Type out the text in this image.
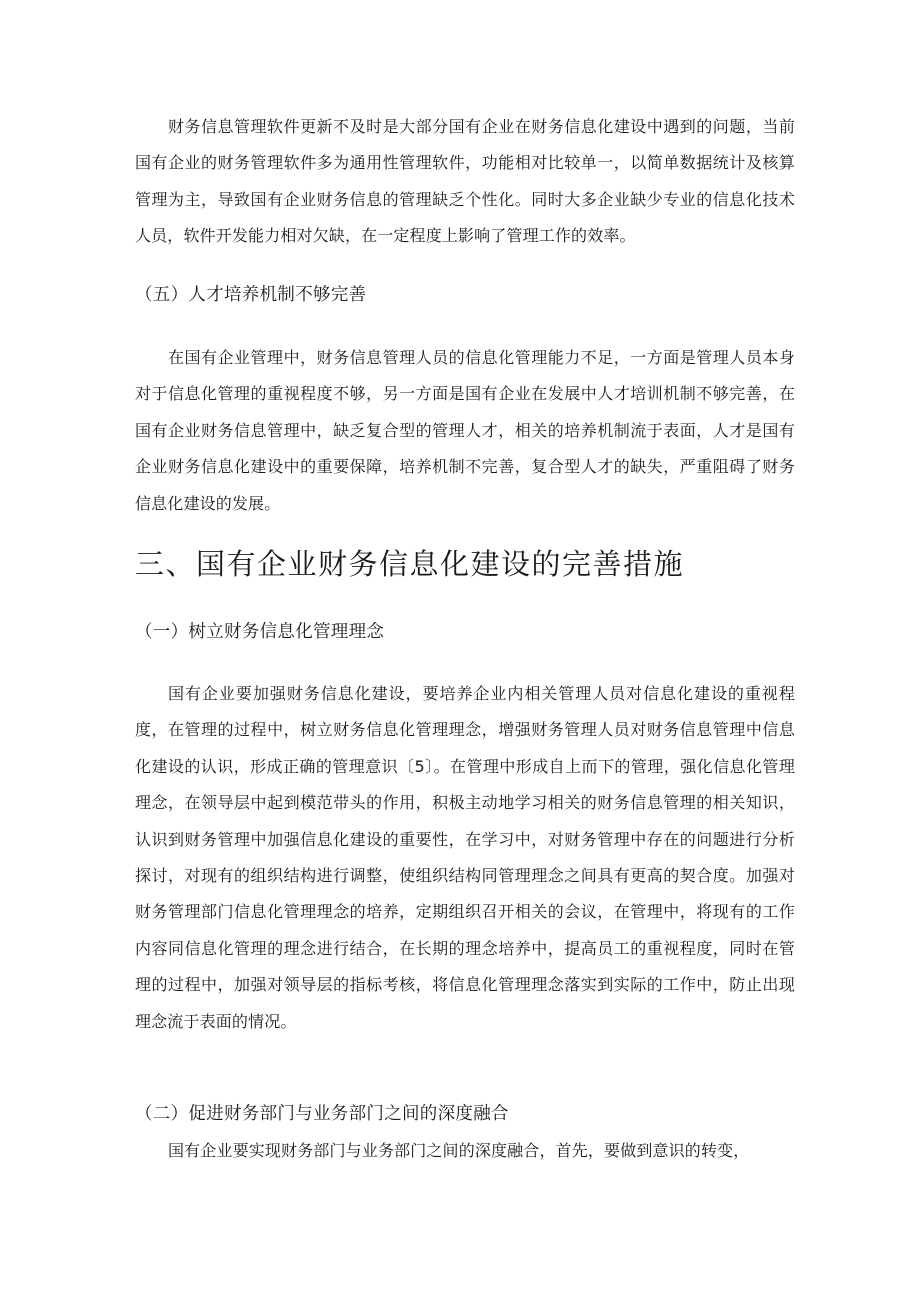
财务信息管理软件更新不及时是大部分国有企业在财务信息化建设中遇到的问题，当前国有企业的财务管理软件多为通用性管理软件，功能相对比较单一，以简单数据统计及核算管理为主，导致国有企业财务信息的管理缺乏个性化。同时大多企业缺少专业的信息化技术人员，软件开发能力相对欠缺，在一定程度上影响了管理工作的效率。

（五）人才培养机制不够完善

在国有企业管理中，财务信息管理人员的信息化管理能力不足，一方面是管理人员本身对于信息化管理的重视程度不够，另一方面是国有企业在发展中人才培训机制不够完善，在国有企业财务信息管理中，缺乏复合型的管理人才，相关的培养机制流于表面，人才是国有企业财务信息化建设中的重要保障，培养机制不完善，复合型人才的缺失，严重阻碍了财务信息化建设的发展。

三、国有企业财务信息化建设的完善措施
（一）树立财务信息化管理理念

国有企业要加强财务信息化建设，要培养企业内相关管理人员对信息化建设的重视程度，在管理的过程中，树立财务信息化管理理念，增强财务管理人员对财务信息管理中信息化建设的认识，形成正确的管理意识〔5〕。在管理中形成自上而下的管理，强化信息化管理理念，在领导层中起到模范带头的作用，积极主动地学习相关的财务信息管理的相关知识，认识到财务管理中加强信息化建设的重要性，在学习中，对财务管理中存在的问题进行分析探讨，对现有的组织结构进行调整，使组织结构同管理理念之间具有更高的契合度。加强对财务管理部门信息化管理理念的培养，定期组织召开相关的会议，在管理中，将现有的工作内容同信息化管理的理念进行结合，在长期的理念培养中，提高员工的重视程度，同时在管理的过程中，加强对领导层的指标考核，将信息化管理理念落实到实际的工作中，防止出现理念流于表面的情况。

（二）促进财务部门与业务部门之间的深度融合

国有企业要实现财务部门与业务部门之间的深度融合，首先，要做到意识的转变，
